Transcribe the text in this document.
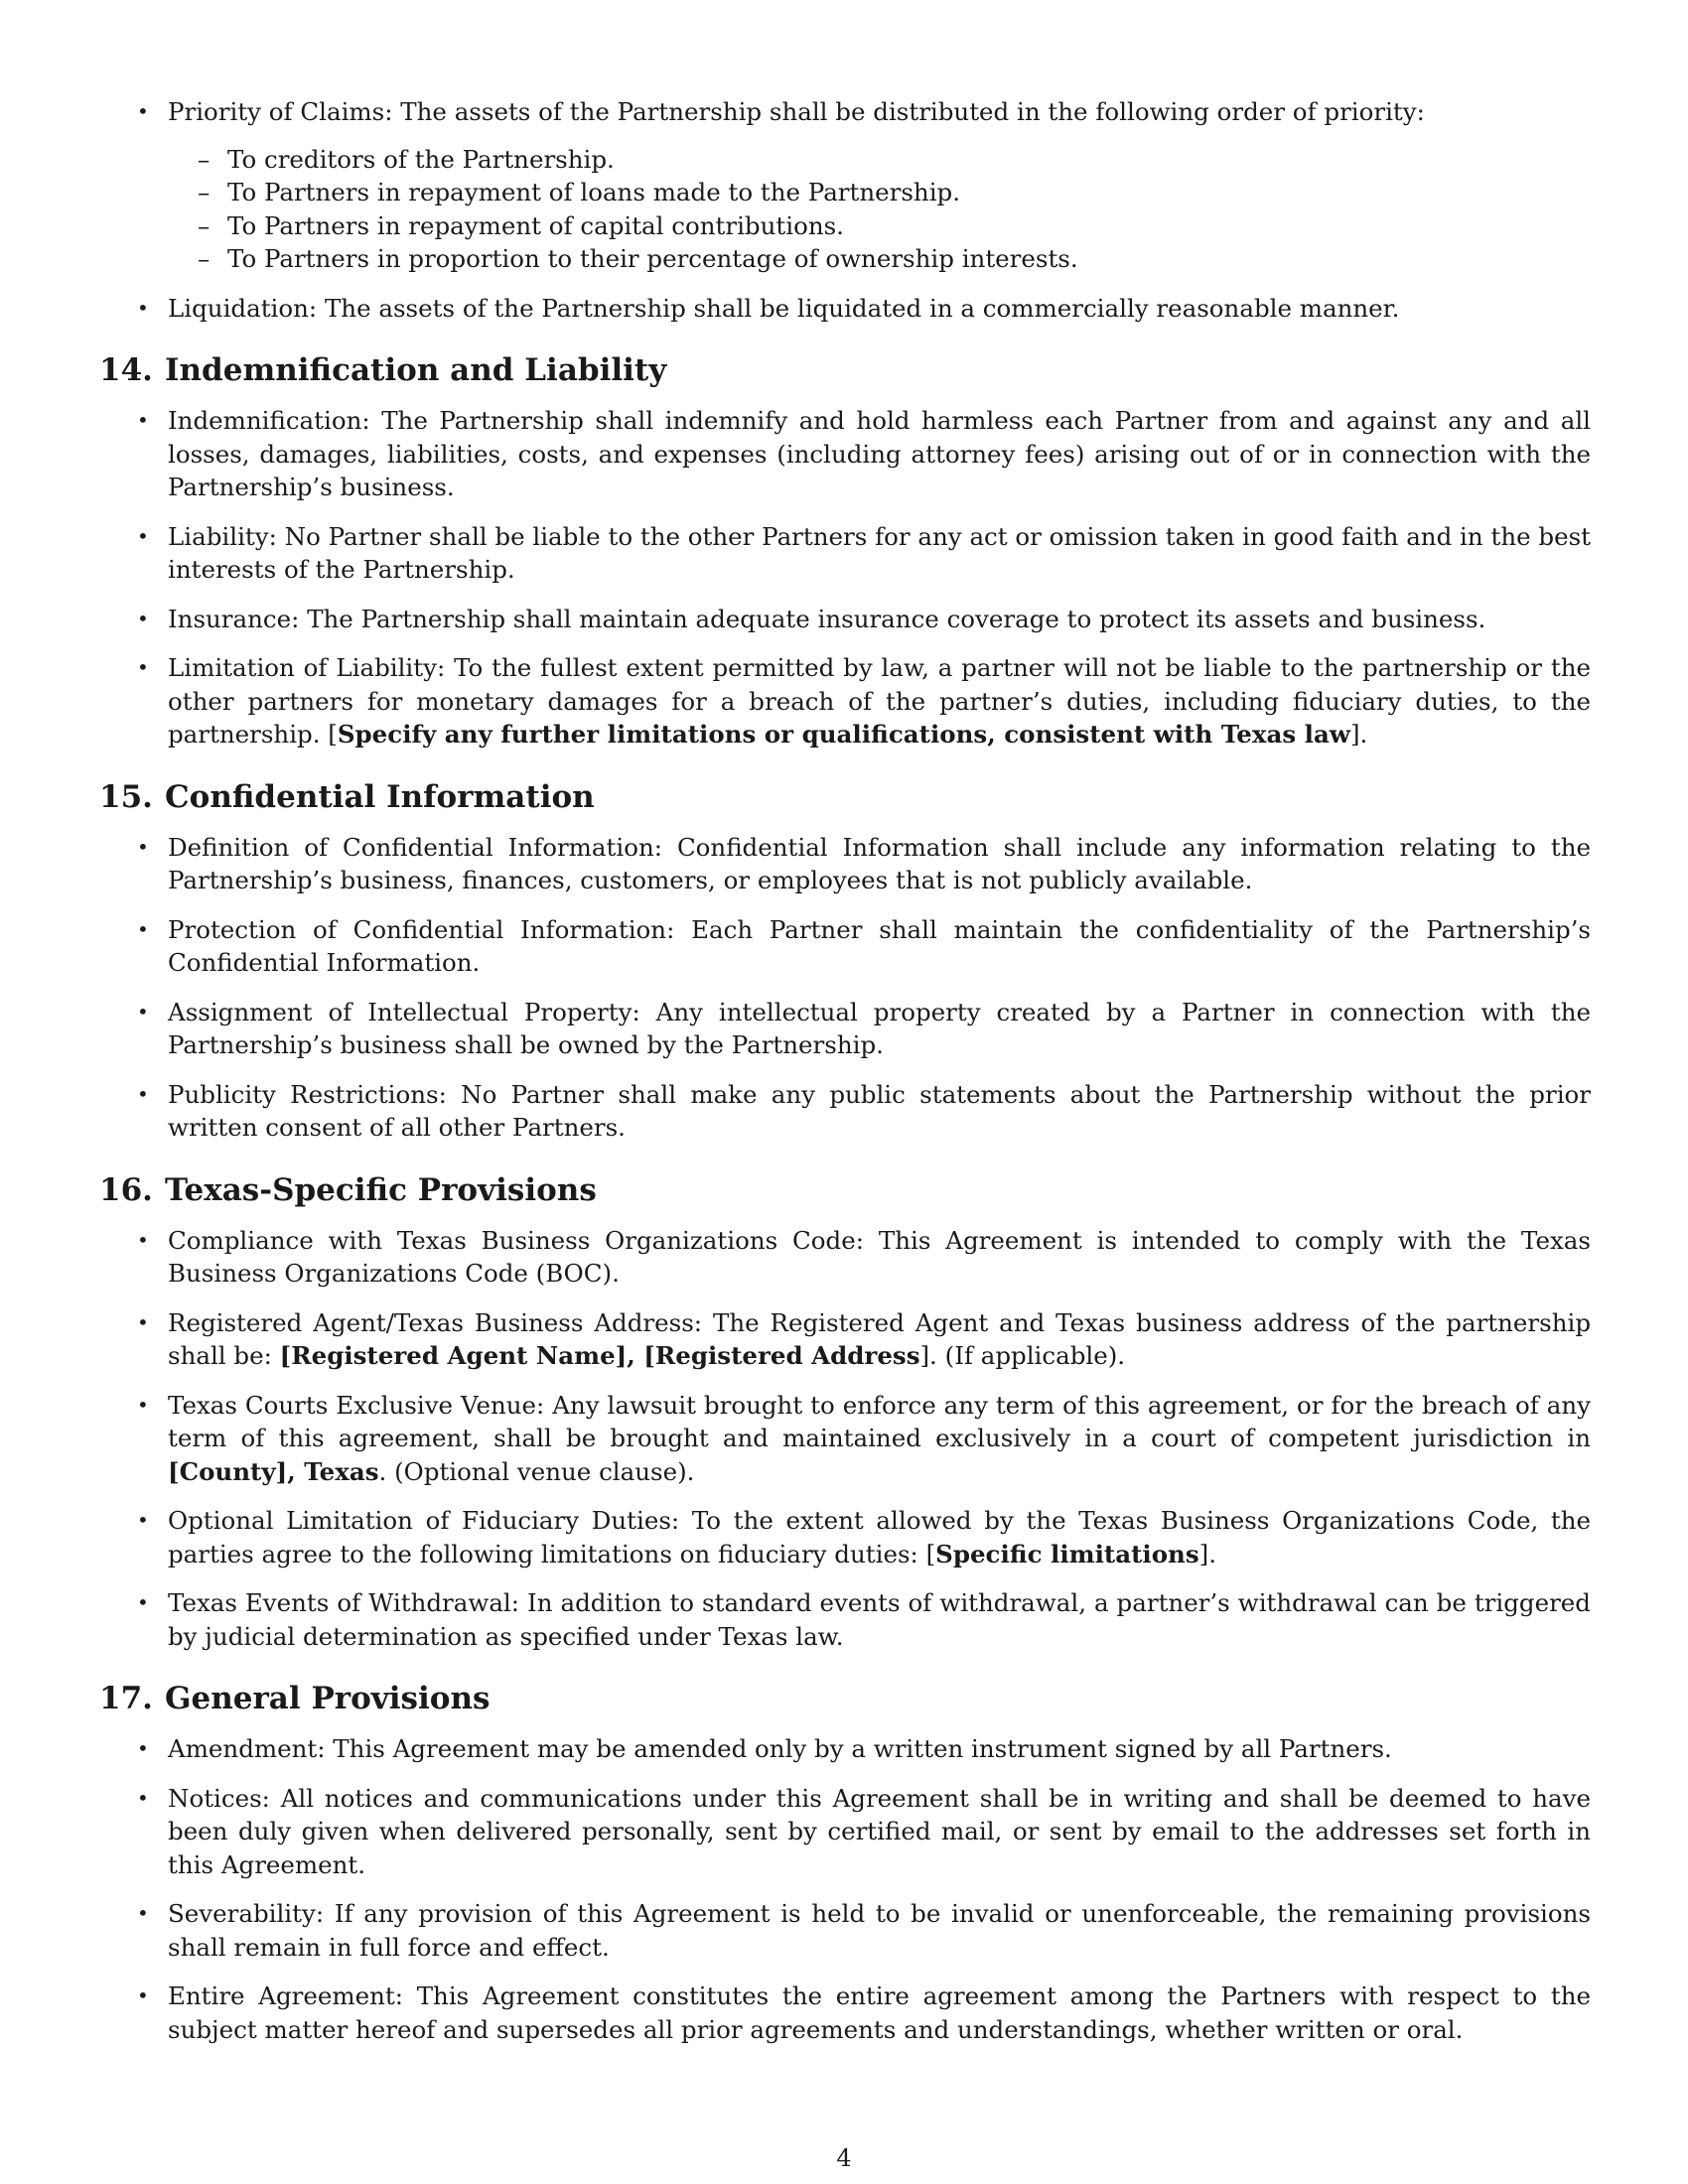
• Priority of Claims: The assets of the Partnership shall be distributed in the following order of priority:
– To creditors of the Partnership.
– To Partners in repayment of loans made to the Partnership.
– To Partners in repayment of capital contributions.
– To Partners in proportion to their percentage of ownership interests.
• Liquidation: The assets of the Partnership shall be liquidated in a commercially reasonable manner.
14. Indemnification and Liability
• Indemnification: The Partnership shall indemnify and hold harmless each Partner from and against any and all losses, damages, liabilities, costs, and expenses (including attorney fees) arising out of or in connection with the Partnership’s business.
• Liability: No Partner shall be liable to the other Partners for any act or omission taken in good faith and in the best interests of the Partnership.
• Insurance: The Partnership shall maintain adequate insurance coverage to protect its assets and business.
• Limitation of Liability: To the fullest extent permitted by law, a partner will not be liable to the partnership or the other partners for monetary damages for a breach of the partner’s duties, including fiduciary duties, to the partnership. [Specify any further limitations or qualifications, consistent with Texas law].
15. Confidential Information
• Definition of Confidential Information: Confidential Information shall include any information relating to the Partnership’s business, finances, customers, or employees that is not publicly available.
• Protection of Confidential Information: Each Partner shall maintain the confidentiality of the Partnership’s Confidential Information.
• Assignment of Intellectual Property: Any intellectual property created by a Partner in connection with the Partnership’s business shall be owned by the Partnership.
• Publicity Restrictions: No Partner shall make any public statements about the Partnership without the prior written consent of all other Partners.
16. Texas-Specific Provisions
• Compliance with Texas Business Organizations Code: This Agreement is intended to comply with the Texas Business Organizations Code (BOC).
• Registered Agent/Texas Business Address: The Registered Agent and Texas business address of the partnership shall be: [Registered Agent Name], [Registered Address]. (If applicable).
• Texas Courts Exclusive Venue: Any lawsuit brought to enforce any term of this agreement, or for the breach of any term of this agreement, shall be brought and maintained exclusively in a court of competent jurisdiction in [County], Texas. (Optional venue clause).
• Optional Limitation of Fiduciary Duties: To the extent allowed by the Texas Business Organizations Code, the parties agree to the following limitations on fiduciary duties: [Specific limitations].
• Texas Events of Withdrawal: In addition to standard events of withdrawal, a partner’s withdrawal can be triggered by judicial determination as specified under Texas law.
17. General Provisions
• Amendment: This Agreement may be amended only by a written instrument signed by all Partners.
• Notices: All notices and communications under this Agreement shall be in writing and shall be deemed to have been duly given when delivered personally, sent by certified mail, or sent by email to the addresses set forth in this Agreement.
• Severability: If any provision of this Agreement is held to be invalid or unenforceable, the remaining provisions shall remain in full force and effect.
• Entire Agreement: This Agreement constitutes the entire agreement among the Partners with respect to the subject matter hereof and supersedes all prior agreements and understandings, whether written or oral.
4
